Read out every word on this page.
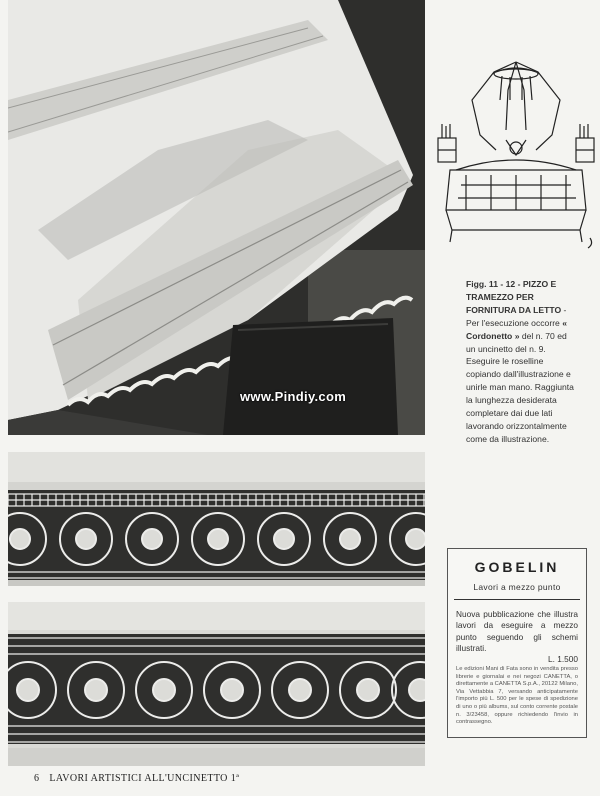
www.Pindiy.com
Figg. 11 - 12 - PIZZO E TRAMEZZO PER FORNITURA DA LETTO - Per l'esecuzione occorre « Cordonetto » del n. 70 ed un uncinetto del n. 9. Eseguire le roselline copiando dall'illustrazione e unirle man mano. Raggiunta la lunghezza desiderata completare dai due lati lavorando orizzontalmente come da illustrazione.
GOBELIN
Lavori a mezzo punto
Nuova pubblicazione che illustra lavori da eseguire a mezzo punto seguendo gli schemi illustrati.
L. 1.500
Le edizioni Mani di Fata sono in vendita presso librerie e giornalai e nei negozi CANETTA, o direttamente a CANETTA S.p.A., 20122 Milano, Via Vettabbia 7, versando anticipatamente l'importo più L. 500 per le spese di spedizione di uno o più albums, sul conto corrente postale n. 3/23458, oppure richiedendo l'invio in contrassegno.
6 LAVORI ARTISTICI ALL'UNCINETTO 1ª
